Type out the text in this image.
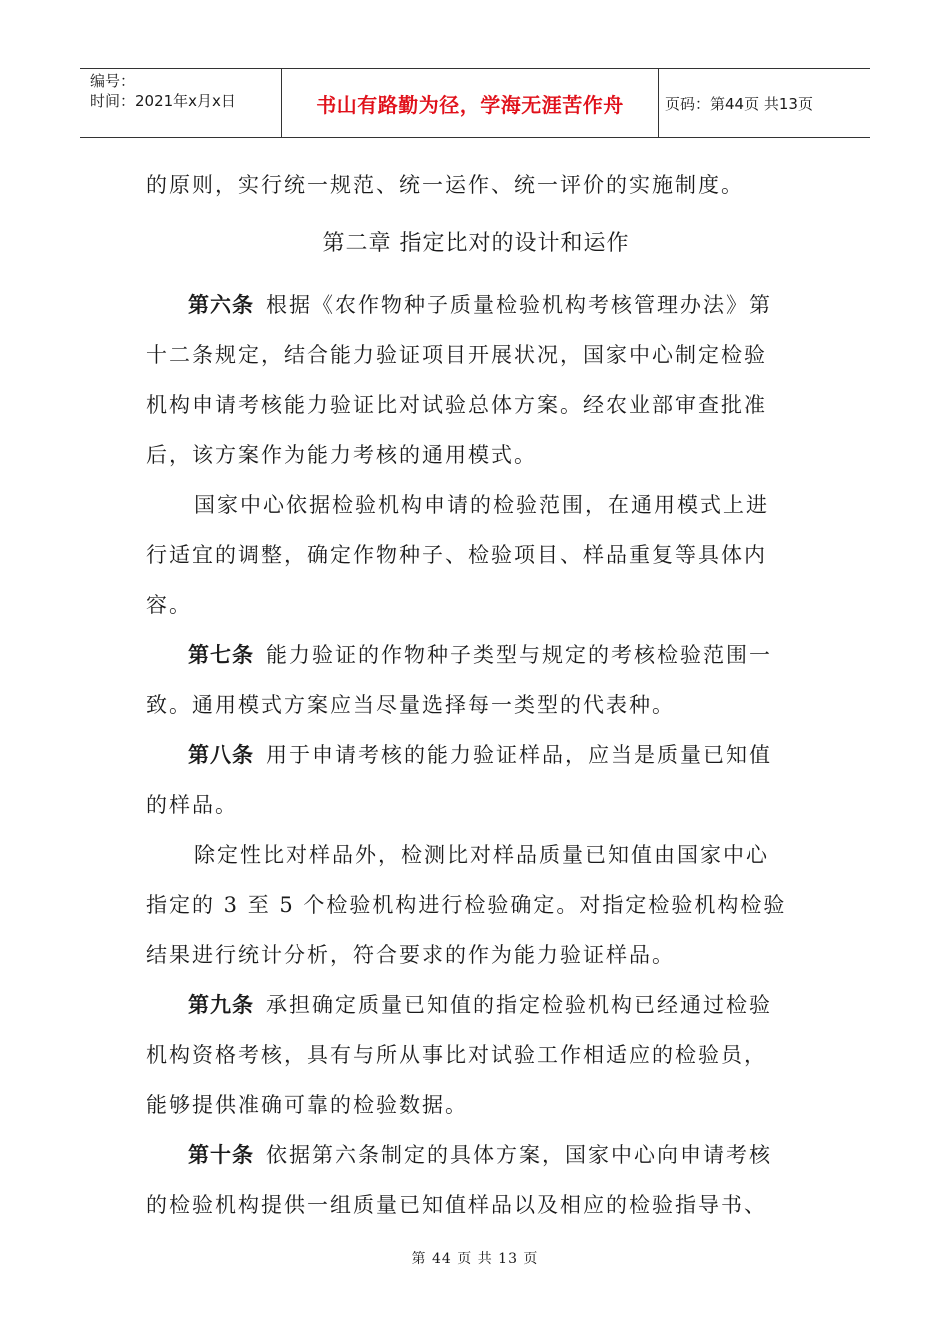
编号：
时间：2021年x月x日	书山有路勤为径，学海无涯苦作舟	页码：第44页 共13页
的原则，实行统一规范、统一运作、统一评价的实施制度。
第二章 指定比对的设计和运作
第六条 根据《农作物种子质量检验机构考核管理办法》第
十二条规定，结合能力验证项目开展状况，国家中心制定检验
机构申请考核能力验证比对试验总体方案。经农业部审查批准
后，该方案作为能力考核的通用模式。
国家中心依据检验机构申请的检验范围，在通用模式上进
行适宜的调整，确定作物种子、检验项目、样品重复等具体内
容。
第七条 能力验证的作物种子类型与规定的考核检验范围一
致。通用模式方案应当尽量选择每一类型的代表种。
第八条 用于申请考核的能力验证样品，应当是质量已知值
的样品。
除定性比对样品外，检测比对样品质量已知值由国家中心
指定的 3 至 5 个检验机构进行检验确定。对指定检验机构检验
结果进行统计分析，符合要求的作为能力验证样品。
第九条 承担确定质量已知值的指定检验机构已经通过检验
机构资格考核，具有与所从事比对试验工作相适应的检验员，
能够提供准确可靠的检验数据。
第十条 依据第六条制定的具体方案，国家中心向申请考核
的检验机构提供一组质量已知值样品以及相应的检验指导书、
第 44 页 共 13 页
